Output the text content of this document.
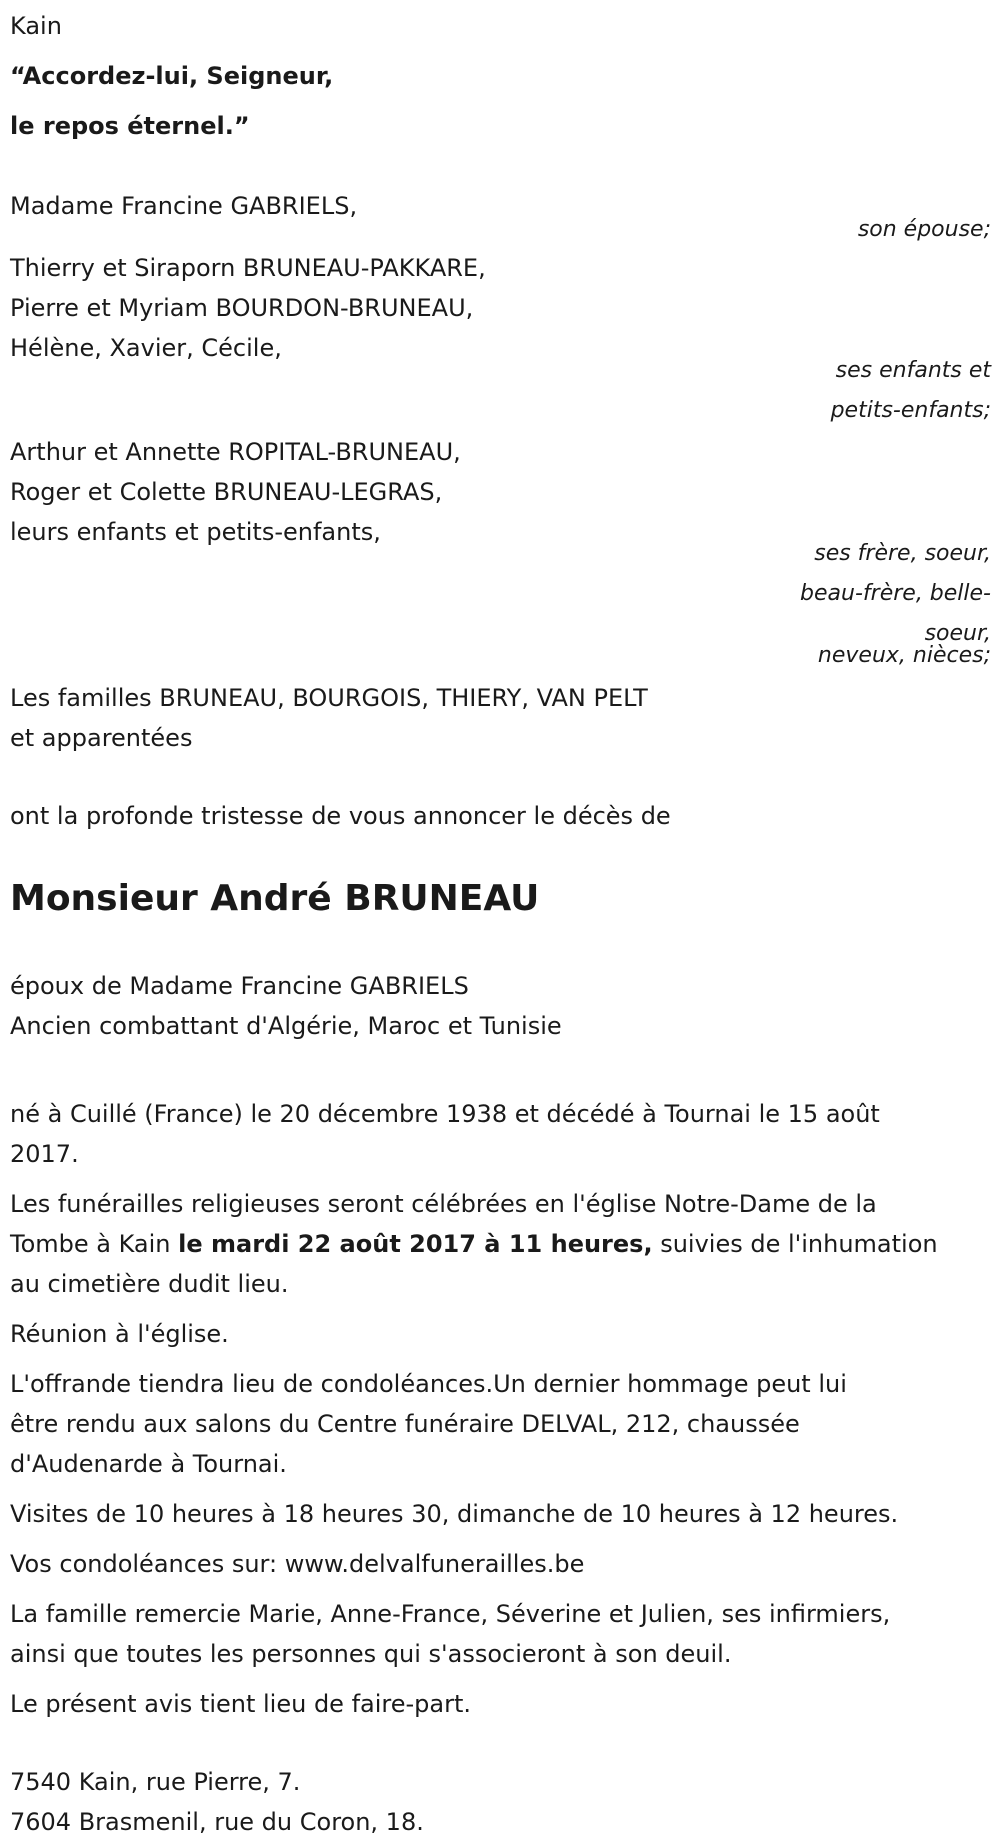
Kain
“Accordez-lui, Seigneur,
le repos éternel.”
Madame Francine GABRIELS,
son épouse;
Thierry et Siraporn BRUNEAU-PAKKARE,
Pierre et Myriam BOURDON-BRUNEAU,
Hélène, Xavier, Cécile,
ses enfants et
petits-enfants;
Arthur et Annette ROPITAL-BRUNEAU,
Roger et Colette BRUNEAU-LEGRAS,
leurs enfants et petits-enfants,
ses frère, soeur,
beau-frère, belle-
soeur,
neveux, nièces;
Les familles BRUNEAU, BOURGOIS, THIERY, VAN PELT
et apparentées
ont la profonde tristesse de vous annoncer le décès de
Monsieur André BRUNEAU
époux de Madame Francine GABRIELS
Ancien combattant d'Algérie, Maroc et Tunisie
né à Cuillé (France) le 20 décembre 1938 et décédé à Tournai le 15 août
2017.
Les funérailles religieuses seront célébrées en l'église Notre-Dame de la
Tombe à Kain le mardi 22 août 2017 à 11 heures, suivies de l'inhumation
au cimetière dudit lieu.
Réunion à l'église.
L'offrande tiendra lieu de condoléances.Un dernier hommage peut lui
être rendu aux salons du Centre funéraire DELVAL, 212, chaussée
d'Audenarde à Tournai.
Visites de 10 heures à 18 heures 30, dimanche de 10 heures à 12 heures.
Vos condoléances sur: www.delvalfunerailles.be
La famille remercie Marie, Anne-France, Séverine et Julien, ses infirmiers,
ainsi que toutes les personnes qui s'associeront à son deuil.
Le présent avis tient lieu de faire-part.
7540 Kain, rue Pierre, 7.
7604 Brasmenil, rue du Coron, 18.
